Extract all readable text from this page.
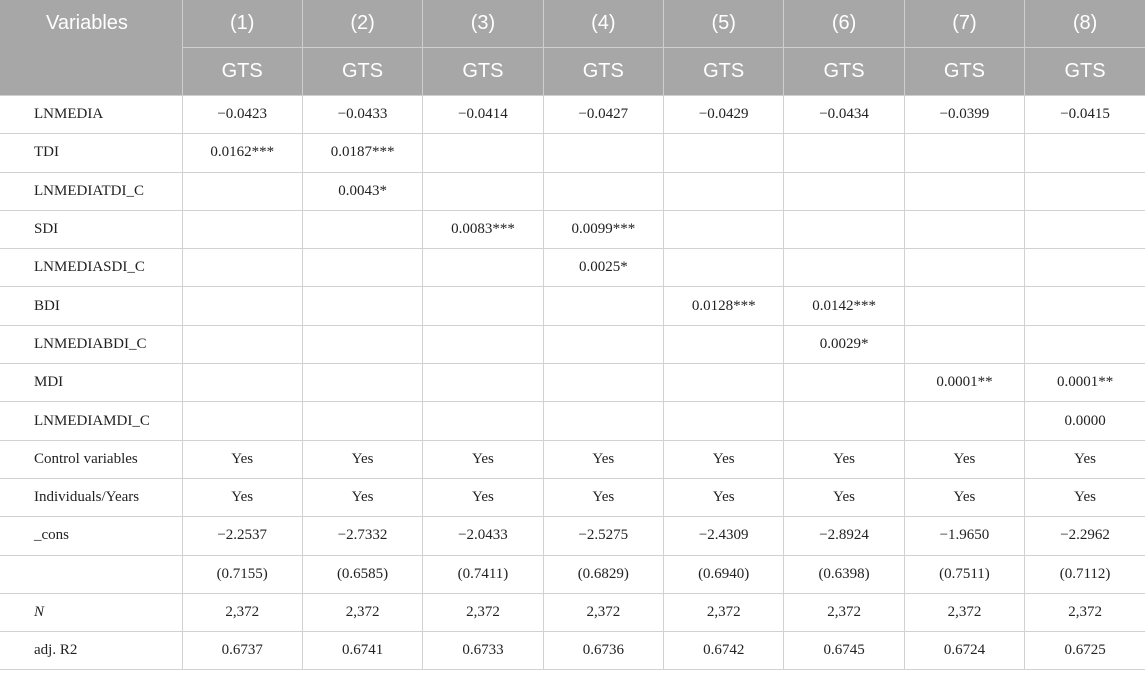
Variables	(1)	(2)	(3)	(4)	(5)	(6)	(7)	(8)
	GTS	GTS	GTS	GTS	GTS	GTS	GTS	GTS
LNMEDIA	−0.0423	−0.0433	−0.0414	−0.0427	−0.0429	−0.0434	−0.0399	−0.0415
TDI	0.0162***	0.0187***						
LNMEDIATDI_C		0.0043*						
SDI			0.0083***	0.0099***				
LNMEDIASDI_C				0.0025*				
BDI					0.0128***	0.0142***		
LNMEDIABDI_C						0.0029*		
MDI							0.0001**	0.0001**
LNMEDIAMDI_C								0.0000
Control variables	Yes	Yes	Yes	Yes	Yes	Yes	Yes	Yes
Individuals/Years	Yes	Yes	Yes	Yes	Yes	Yes	Yes	Yes
_cons	−2.2537	−2.7332	−2.0433	−2.5275	−2.4309	−2.8924	−1.9650	−2.2962
	(0.7155)	(0.6585)	(0.7411)	(0.6829)	(0.6940)	(0.6398)	(0.7511)	(0.7112)
N	2,372	2,372	2,372	2,372	2,372	2,372	2,372	2,372
adj. R2	0.6737	0.6741	0.6733	0.6736	0.6742	0.6745	0.6724	0.6725
